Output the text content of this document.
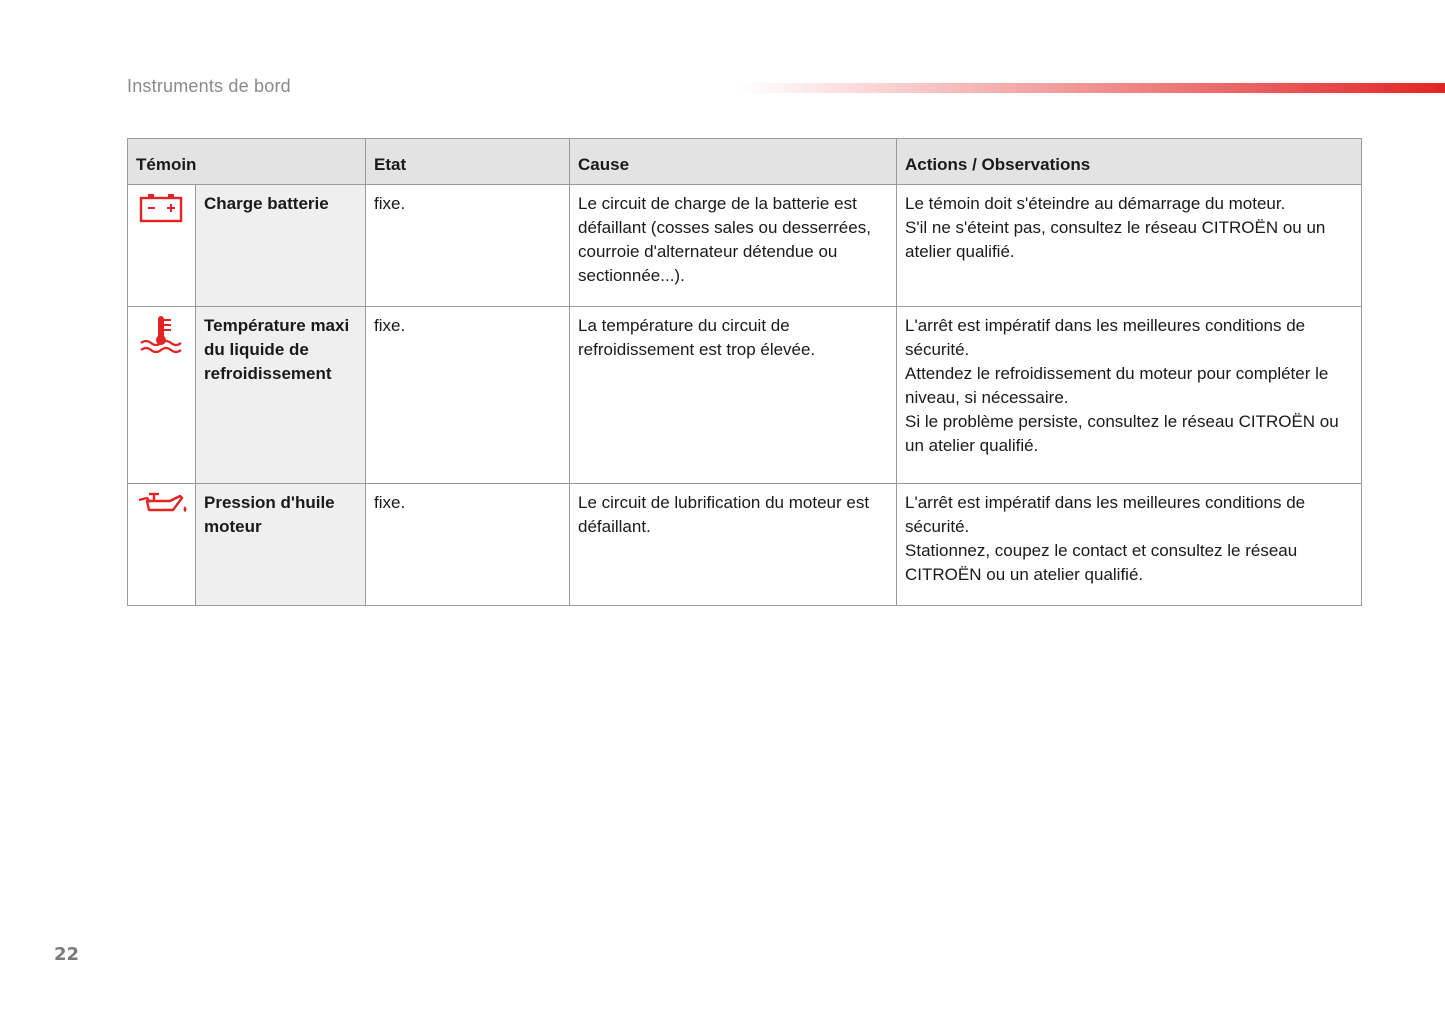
Instruments de bord
Témoin		Etat	Cause	Actions / Observations

	Charge batterie	fixe.	Le circuit de charge de la batterie est défaillant (cosses sales ou desserrées, courroie d'alternateur détendue ou sectionnée...).	Le témoin doit s'éteindre au démarrage du moteur.
S'il ne s'éteint pas, consultez le réseau CITROËN ou un atelier qualifié.

	Température maxi du liquide de refroidissement	fixe.	La température du circuit de refroidissement est trop élevée.	L'arrêt est impératif dans les meilleures conditions de sécurité.
Attendez le refroidissement du moteur pour compléter le niveau, si nécessaire.
Si le problème persiste, consultez le réseau CITROËN ou un atelier qualifié.

	Pression d'huile moteur	fixe.	Le circuit de lubrification du moteur est défaillant.	L'arrêt est impératif dans les meilleures conditions de sécurité.
Stationnez, coupez le contact et consultez le réseau CITROËN ou un atelier qualifié.
22
